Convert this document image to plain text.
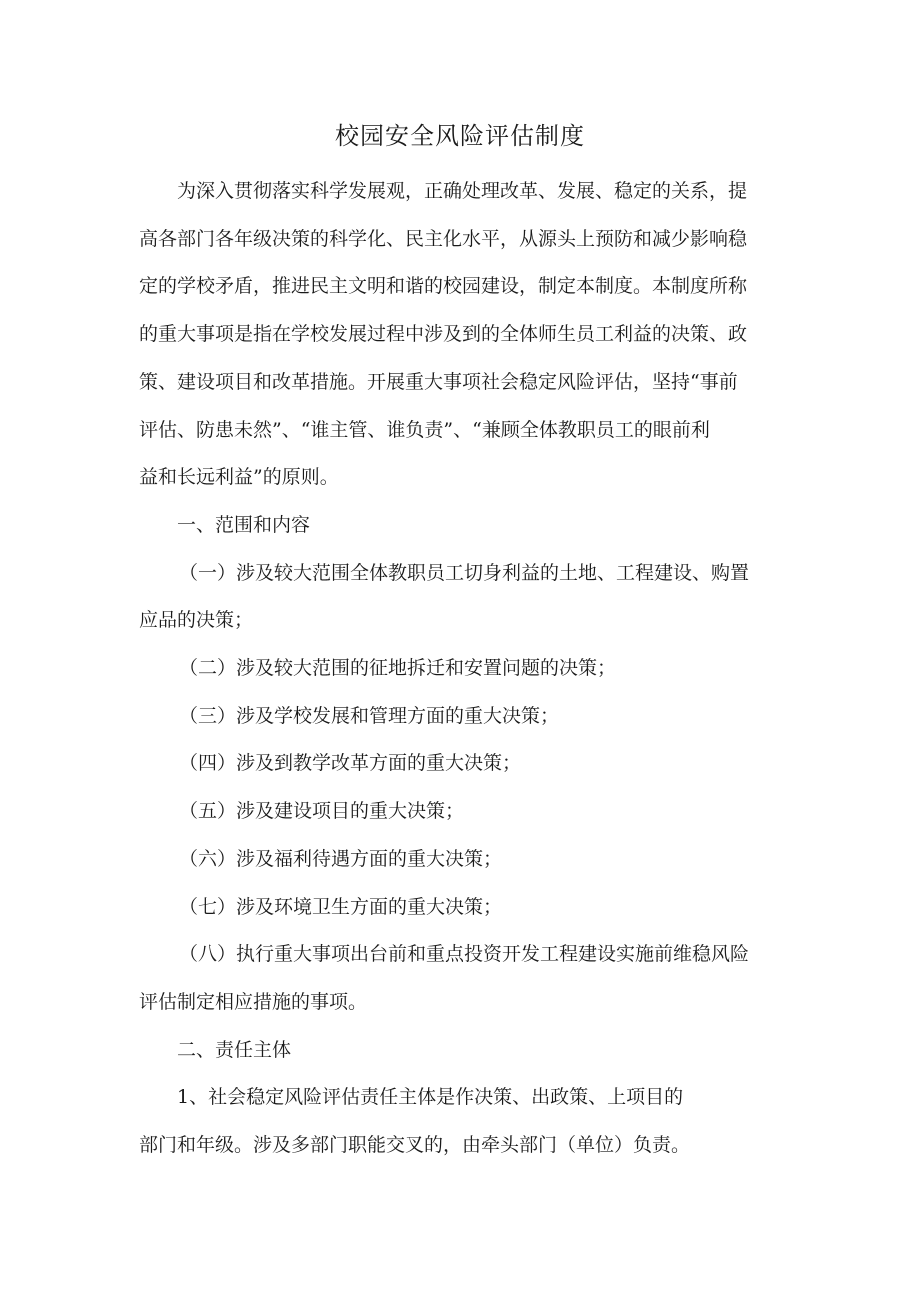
校园安全风险评估制度
为深入贯彻落实科学发展观，正确处理改革、发展、稳定的关系，提
高各部门各年级决策的科学化、民主化水平，从源头上预防和减少影响稳
定的学校矛盾，推进民主文明和谐的校园建设，制定本制度。本制度所称
的重大事项是指在学校发展过程中涉及到的全体师生员工利益的决策、政
策、建设项目和改革措施。开展重大事项社会稳定风险评估，坚持“事前
评估、防患未然”、“谁主管、谁负责”、“兼顾全体教职员工的眼前利
益和长远利益”的原则。
一、范围和内容
（一）涉及较大范围全体教职员工切身利益的土地、工程建设、购置
应品的决策；
（二）涉及较大范围的征地拆迁和安置问题的决策；
（三）涉及学校发展和管理方面的重大决策；
（四）涉及到教学改革方面的重大决策；
（五）涉及建设项目的重大决策；
（六）涉及福利待遇方面的重大决策；
（七）涉及环境卫生方面的重大决策；
（八）执行重大事项出台前和重点投资开发工程建设实施前维稳风险
评估制定相应措施的事项。
二、责任主体
1、社会稳定风险评估责任主体是作决策、出政策、上项目的
部门和年级。涉及多部门职能交叉的，由牵头部门（单位）负责。
